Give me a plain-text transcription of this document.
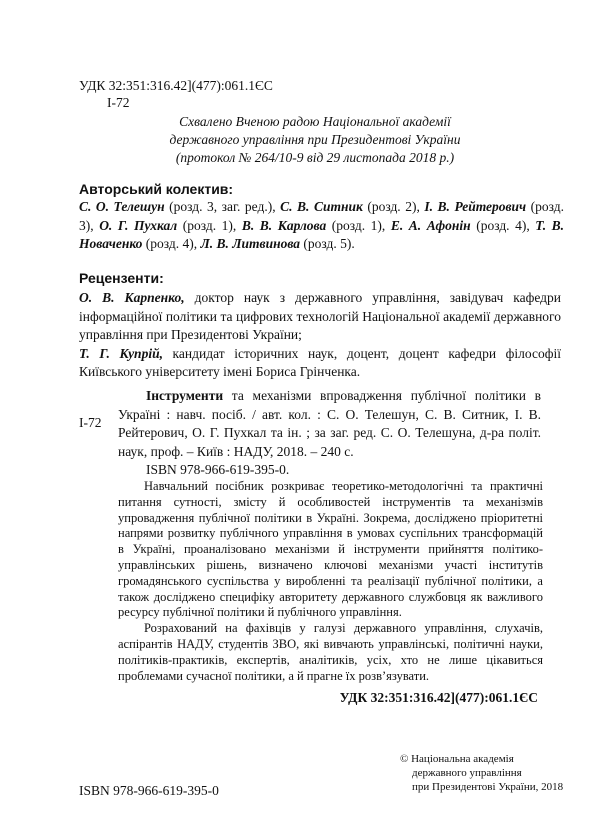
УДК 32:351:316.42](477):061.1ЄС
І-72
Схвалено Вченою радою Національної академії
державного управління при Президентові України
(протокол № 264/10-9 від 29 листопада 2018 р.)
Авторський колектив:
С. О. Телешун (розд. 3, заг. ред.), С. В. Ситник (розд. 2), І. В. Рейтерович (розд. 3), О. Г. Пухкал (розд. 1), В. В. Карлова (розд. 1), Е. А. Афонін (розд. 4), Т. В. Новаченко (розд. 4), Л. В. Литвинова (розд. 5).
Рецензенти:
О. В. Карпенко, доктор наук з державного управління, завідувач кафедри інформаційної політики та цифрових технологій Національної академії державного управління при Президентові України;
Т. Г. Купрій, кандидат історичних наук, доцент, доцент кафедри філософії Київського університету імені Бориса Грінченка.
І-72

Інструменти та механізми впровадження публічної політики в Україні : навч. посіб. / авт. кол. : С. О. Телешун, С. В. Ситник, І. В. Рейтерович, О. Г. Пухкал та ін. ; за заг. ред. С. О. Телешуна, д-ра політ. наук, проф. – Київ : НАДУ, 2018. – 240 с.

ISBN 978-966-619-395-0.

Навчальний посібник розкриває теоретико-методологічні та практичні питання сутності, змісту й особливостей інструментів та механізмів упровадження публічної політики в Україні. Зокрема, досліджено пріоритетні напрями розвитку публічного управління в умовах суспільних трансформацій в Україні, проаналізовано механізми й інструменти прийняття політико-управлінських рішень, визначено ключові механізми участі інститутів громадянського суспільства у виробленні та реалізації публічної політики, а також досліджено специфіку авторитету державного службовця як важливого ресурсу публічної політики й публічного управління.

Розрахований на фахівців у галузі державного управління, слухачів, аспірантів НАДУ, студентів ЗВО, які вивчають управлінські, політичні науки, політиків-практиків, експертів, аналітиків, усіх, хто не лише цікавиться проблемами сучасної політики, а й прагне їх розв’язувати.

УДК 32:351:316.42](477):061.1ЄС
© Національна академія
державного управління
при Президентові України, 2018
ISBN 978-966-619-395-0
